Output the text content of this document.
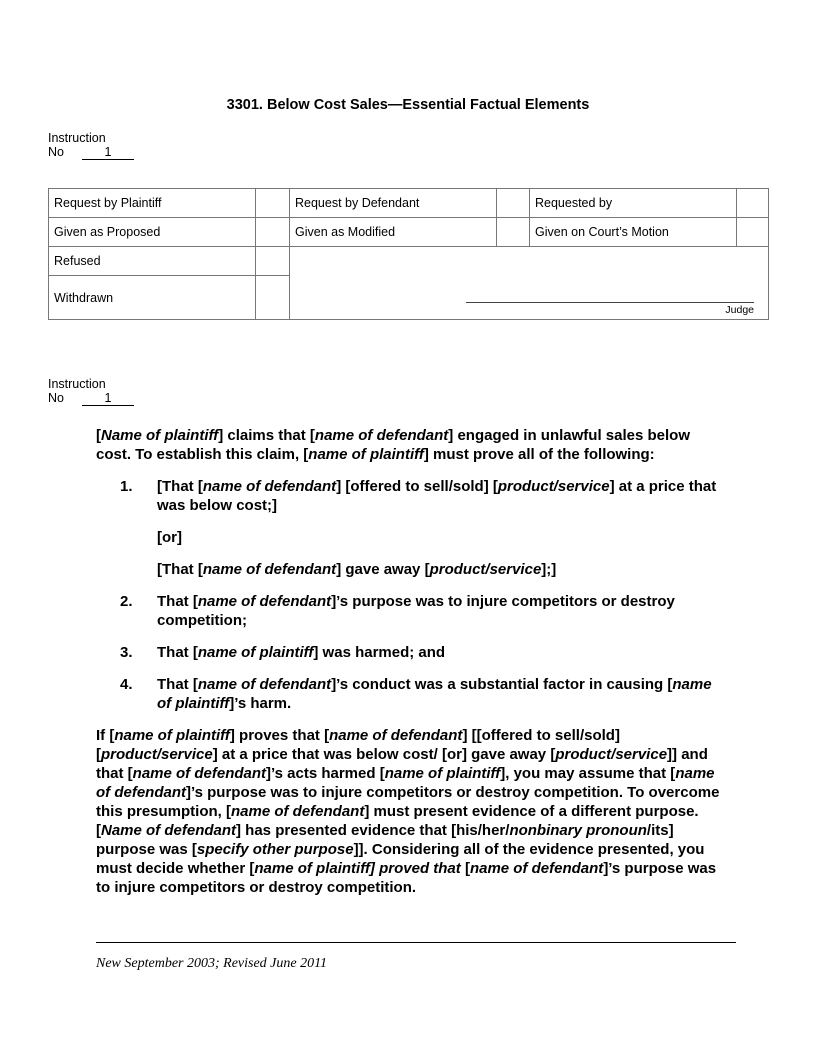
3301. Below Cost Sales—Essential Factual Elements
Instruction
No	1
Request by Plaintiff		Request by Defendant		Requested by	
Given as Proposed		Given as Modified		Given on Court’s Motion	
Refused		Judge			

Withdrawn					
Instruction
No	1

[Name of plaintiff] claims that [name of defendant] engaged in unlawful sales below cost. To establish this claim, [name of plaintiff] must prove all of the following:

1.	[That [name of defendant] [offered to sell/sold] [product/service] at a price that was below cost;]
[or]
[That [name of defendant] gave away [product/service];]
2.	That [name of defendant]’s purpose was to injure competitors or destroy competition;
3.	That [name of plaintiff] was harmed; and
4.	That [name of defendant]’s conduct was a substantial factor in causing [name of plaintiff]’s harm.

If [name of plaintiff] proves that [name of defendant] [[offered to sell/sold] [product/service] at a price that was below cost/ [or] gave away [product/service]] and that [name of defendant]’s acts harmed [name of plaintiff], you may assume that [name of defendant]’s purpose was to injure competitors or destroy competition. To overcome this presumption, [name of defendant] must present evidence of a different purpose. [Name of defendant] has presented evidence that [his/her/nonbinary pronoun/its] purpose was [specify other purpose]]. Considering all of the evidence presented, you must decide whether [name of plaintiff] proved that [name of defendant]’s purpose was to injure competitors or destroy competition.

New September 2003; Revised June 2011
